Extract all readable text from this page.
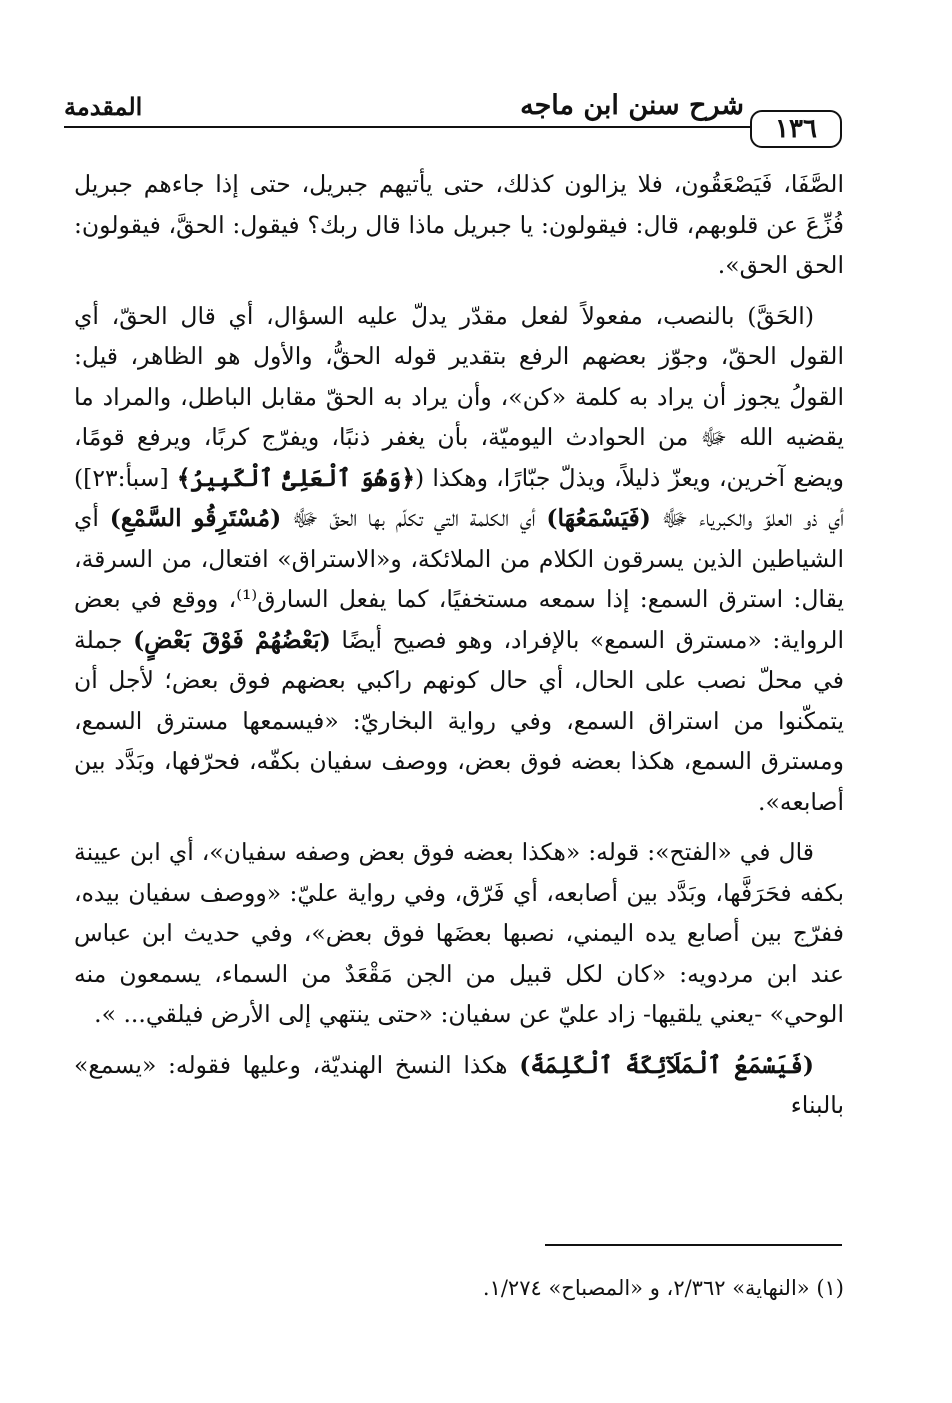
المقدمة	شرح سنن ابن ماجه
١٣٦

الصَّفَا، فَيَصْعَقُون، فلا يزالون كذلك، حتى يأتيهم جبريل، حتى إذا جاءهم جبريل فُزِّعَ عن قلوبهم، قال: فيقولون: يا جبريل ماذا قال ربك؟ فيقول: الحقَّ، فيقولون: الحق الحق».

(الحَقَّ) بالنصب، مفعولاً لفعل مقدّر يدلّ عليه السؤال، أي قال الحقّ، أي القول الحقّ، وجوّز بعضهم الرفع بتقدير قوله الحقُّ، والأول هو الظاهر، قيل: القولُ يجوز أن يراد به كلمة «كن»، وأن يراد به الحقّ مقابل الباطل، والمراد ما يقضيه الله ﷻ من الحوادث اليوميّة، بأن يغفر ذنبًا، ويفرّج كربًا، ويرفع قومًا، ويضع آخرين، ويعزّ ذليلاً، ويذلّ جبّارًا، وهكذا (﴿وَهُوَ ٱلْعَلِىُّ ٱلْكَبِيرُ﴾ [سبأ:٢٣]) أي ذو العلوّ والكبرياء ﷻ (فَيَسْمَعُهَا) أي الكلمة التي تكلّم بها الحقّ ﷻ (مُسْتَرِقُو السَّمْعِ) أي الشياطين الذين يسرقون الكلام من الملائكة، و«الاستراق» افتعال، من السرقة، يقال: استرق السمع: إذا سمعه مستخفيًا، كما يفعل السارق⁽¹⁾، ووقع في بعض الرواية: «مسترق السمع» بالإفراد، وهو فصيح أيضًا (بَعْضُهُمْ فَوْقَ بَعْضٍ) جملة في محلّ نصب على الحال، أي حال كونهم راكبي بعضهم فوق بعض؛ لأجل أن يتمكّنوا من استراق السمع، وفي رواية البخاريّ: «فيسمعها مسترق السمع، ومسترق السمع، هكذا بعضه فوق بعض، ووصف سفيان بكفّه، فحرّفها، وبَدَّد بين أصابعه».

قال في «الفتح»: قوله: «هكذا بعضه فوق بعض وصفه سفيان»، أي ابن عيينة بكفه فحَرَفَّها، وبَدَّد بين أصابعه، أي فَرّق، وفي رواية عليّ: «ووصف سفيان بيده، ففرّج بين أصابع يده اليمني، نصبها بعضَها فوق بعض»، وفي حديث ابن عباس عند ابن مردويه: «كان لكل قبيل من الجن مَقْعَدٌ من السماء، يسمعون منه الوحي» -يعني يلقيها- زاد عليّ عن سفيان: «حتى ينتهي إلى الأرض فيلقي... ».

(فَيَسْمَعُ ٱلْمَلَآئِكَةَ ٱلْكَلِمَةَ) هكذا النسخ الهنديّة، وعليها فقوله: «يسمع» بالبناء

(١) «النهاية» ٢/٣٦٢، و «المصباح» ١/٢٧٤.
